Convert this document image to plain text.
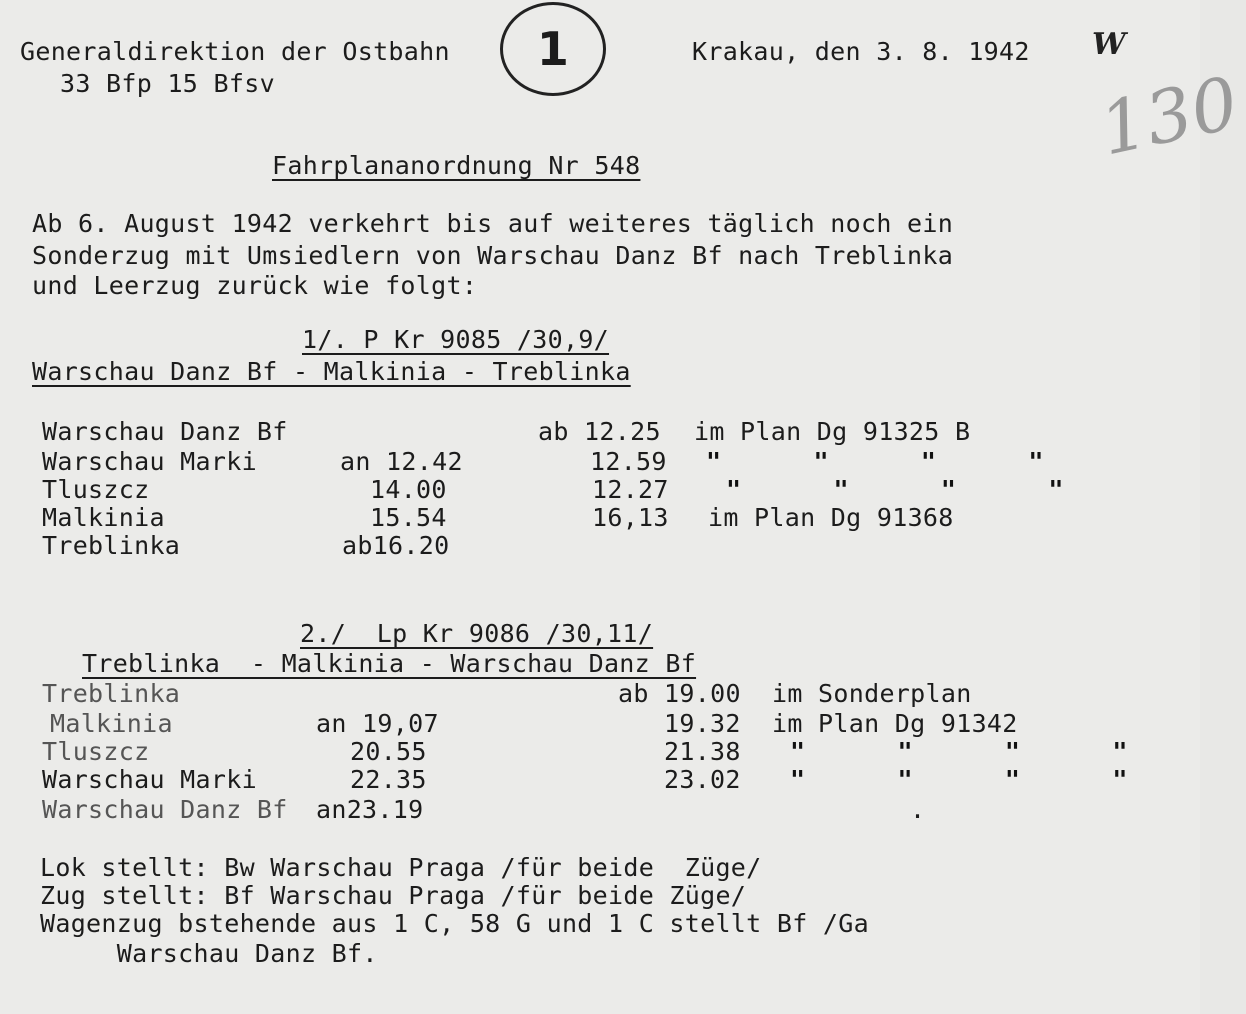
Generaldirektion der Ostbahn
33 Bfp 15 Bfsv
1	Krakau, den 3. 8. 1942 W
130
Fahrplananordnung Nr 548
Ab 6. August 1942 verkehrt bis auf weiteres täglich noch ein
Sonderzug mit Umsiedlern von Warschau Danz Bf nach Treblinka
und Leerzug zurück wie folgt:
1/. P Kr 9085 /30,9/
Warschau Danz Bf - Malkinia - Treblinka
Warschau Danz Bf	ab 12.25 im Plan Dg 91325 B
Warschau Marki	an 12.42	12.59 "      "      "      "
Tluszcz	14.00	12.27 "      "      "      "
Malkinia	15.54	16,13 im Plan Dg 91368
Treblinka	ab16.20
2./  Lp Kr 9086 /30,11/
Treblinka  - Malkinia - Warschau Danz Bf
Treblinka	ab 19.00 im Sonderplan
Malkinia	an 19,07	19.32 im Plan Dg 91342
Tluszcz	20.55	21.38 "      "      "      "
Warschau Marki	22.35	23.02 "      "      "      "
Warschau Danz Bf an23.19	.
Lok stellt: Bw Warschau Praga /für beide  Züge/
Zug stellt: Bf Warschau Praga /für beide Züge/
Wagenzug bstehende aus 1 C, 58 G und 1 C stellt Bf /Ga
Warschau Danz Bf.
